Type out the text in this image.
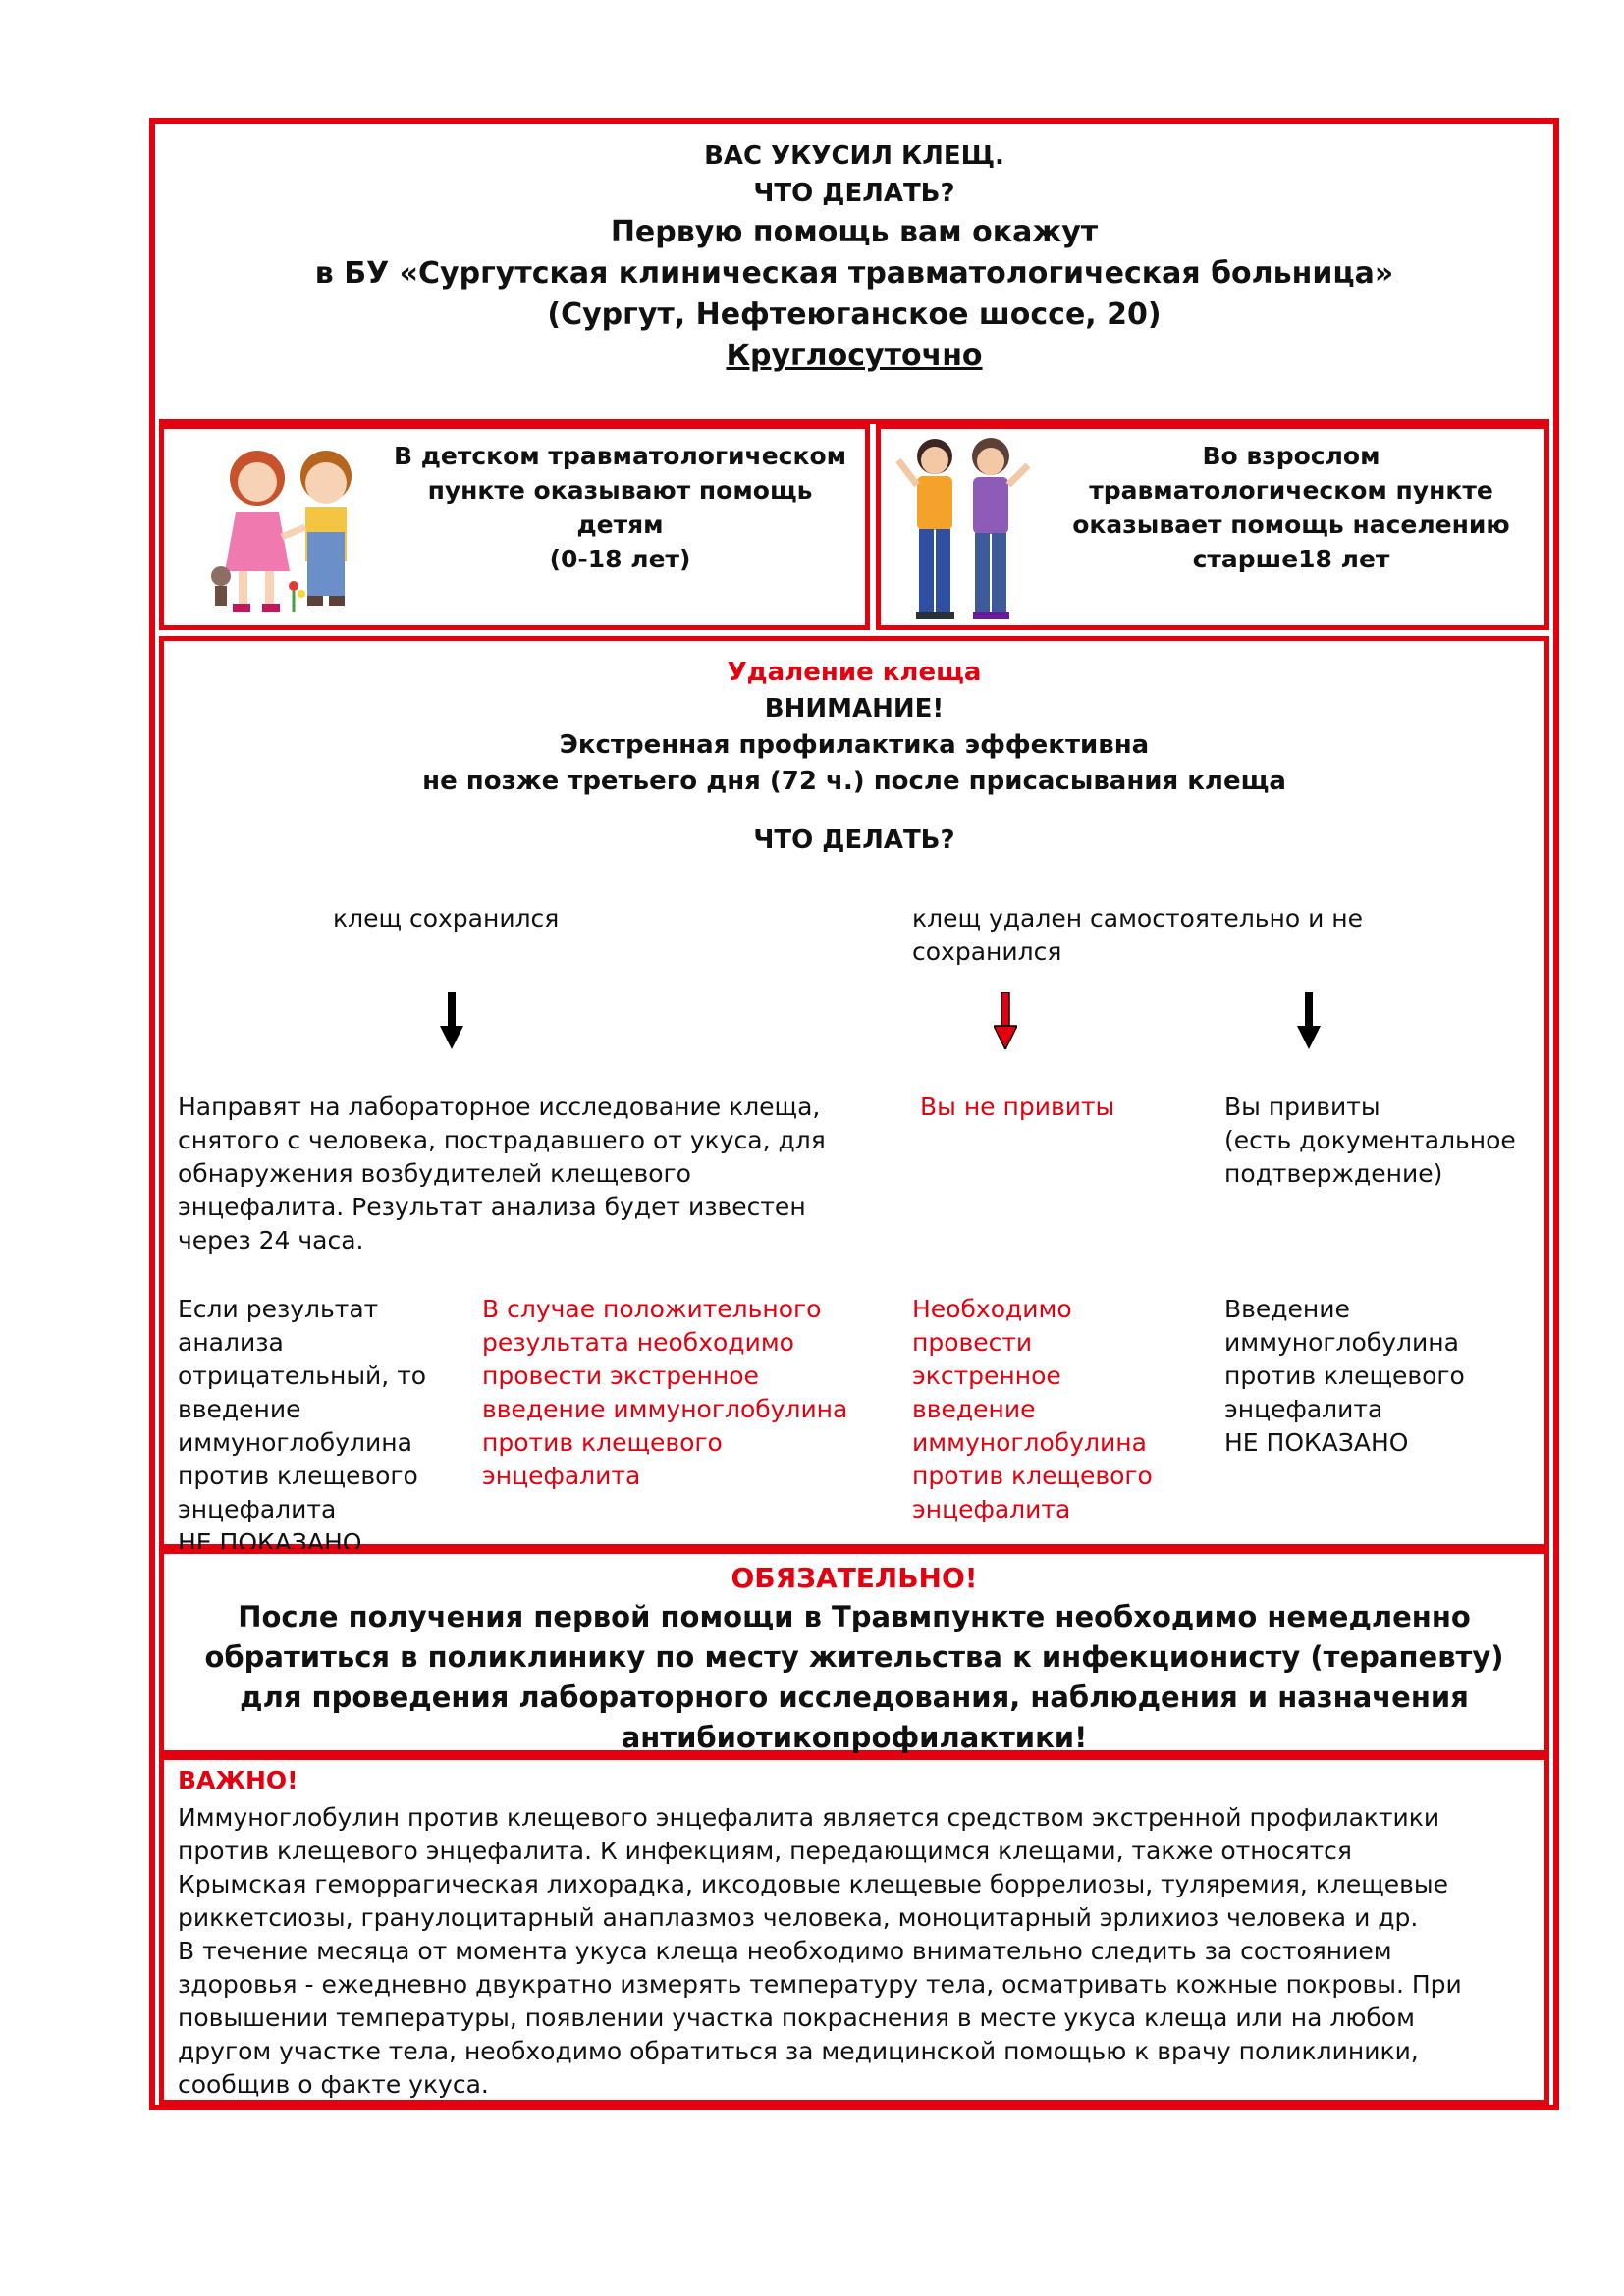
ВАС УКУСИЛ КЛЕЩ.
ЧТО ДЕЛАТЬ?
Первую помощь вам окажут
в БУ «Сургутская клиническая травматологическая больница»
(Сургут, Нефтеюганское шоссе, 20)
Круглосуточно
В детском травматологическом
пункте оказывают помощь детям
(0-18 лет)
Во взрослом
травматологическом пункте
оказывает помощь населению
старше18 лет
Удаление клеща
ВНИМАНИЕ!
Экстренная профилактика эффективна
не позже третьего дня (72 ч.) после присасывания клеща
ЧТО ДЕЛАТЬ?
клещ сохранился	клещ удален самостоятельно и не
сохранился
Направят на лабораторное исследование клеща,
снятого с человека, пострадавшего от укуса, для
обнаружения возбудителей клещевого
энцефалита. Результат анализа будет известен
через 24 часа.
Вы не привиты	Вы привиты
(есть документальное
подтверждение)
Если результат
анализа
отрицательный, то
введение
иммуноглобулина
против клещевого
энцефалита
НЕ ПОКАЗАНО
В случае положительного
результата необходимо
провести экстренное
введение иммуноглобулина
против клещевого
энцефалита
Необходимо
провести
экстренное
введение
иммуноглобулина
против клещевого
энцефалита
Введение
иммуноглобулина
против клещевого
энцефалита
НЕ ПОКАЗАНО
ОБЯЗАТЕЛЬНО!
После получения первой помощи в Травмпункте необходимо немедленно
обратиться в поликлинику по месту жительства к инфекционисту (терапевту)
для проведения лабораторного исследования, наблюдения и назначения
антибиотикопрофилактики!
ВАЖНО!
Иммуноглобулин против клещевого энцефалита является средством экстренной профилактики
против клещевого энцефалита. К инфекциям, передающимся клещами, также относятся
Крымская геморрагическая лихорадка, иксодовые клещевые боррелиозы, туляремия, клещевые
риккетсиозы, гранулоцитарный анаплазмоз человека, моноцитарный эрлихиоз человека и др.
В течение месяца от момента укуса клеща необходимо внимательно следить за состоянием
здоровья - ежедневно двукратно измерять температуру тела, осматривать кожные покровы. При
повышении температуры, появлении участка покраснения в месте укуса клеща или на любом
другом участке тела, необходимо обратиться за медицинской помощью к врачу поликлиники,
сообщив о факте укуса.
